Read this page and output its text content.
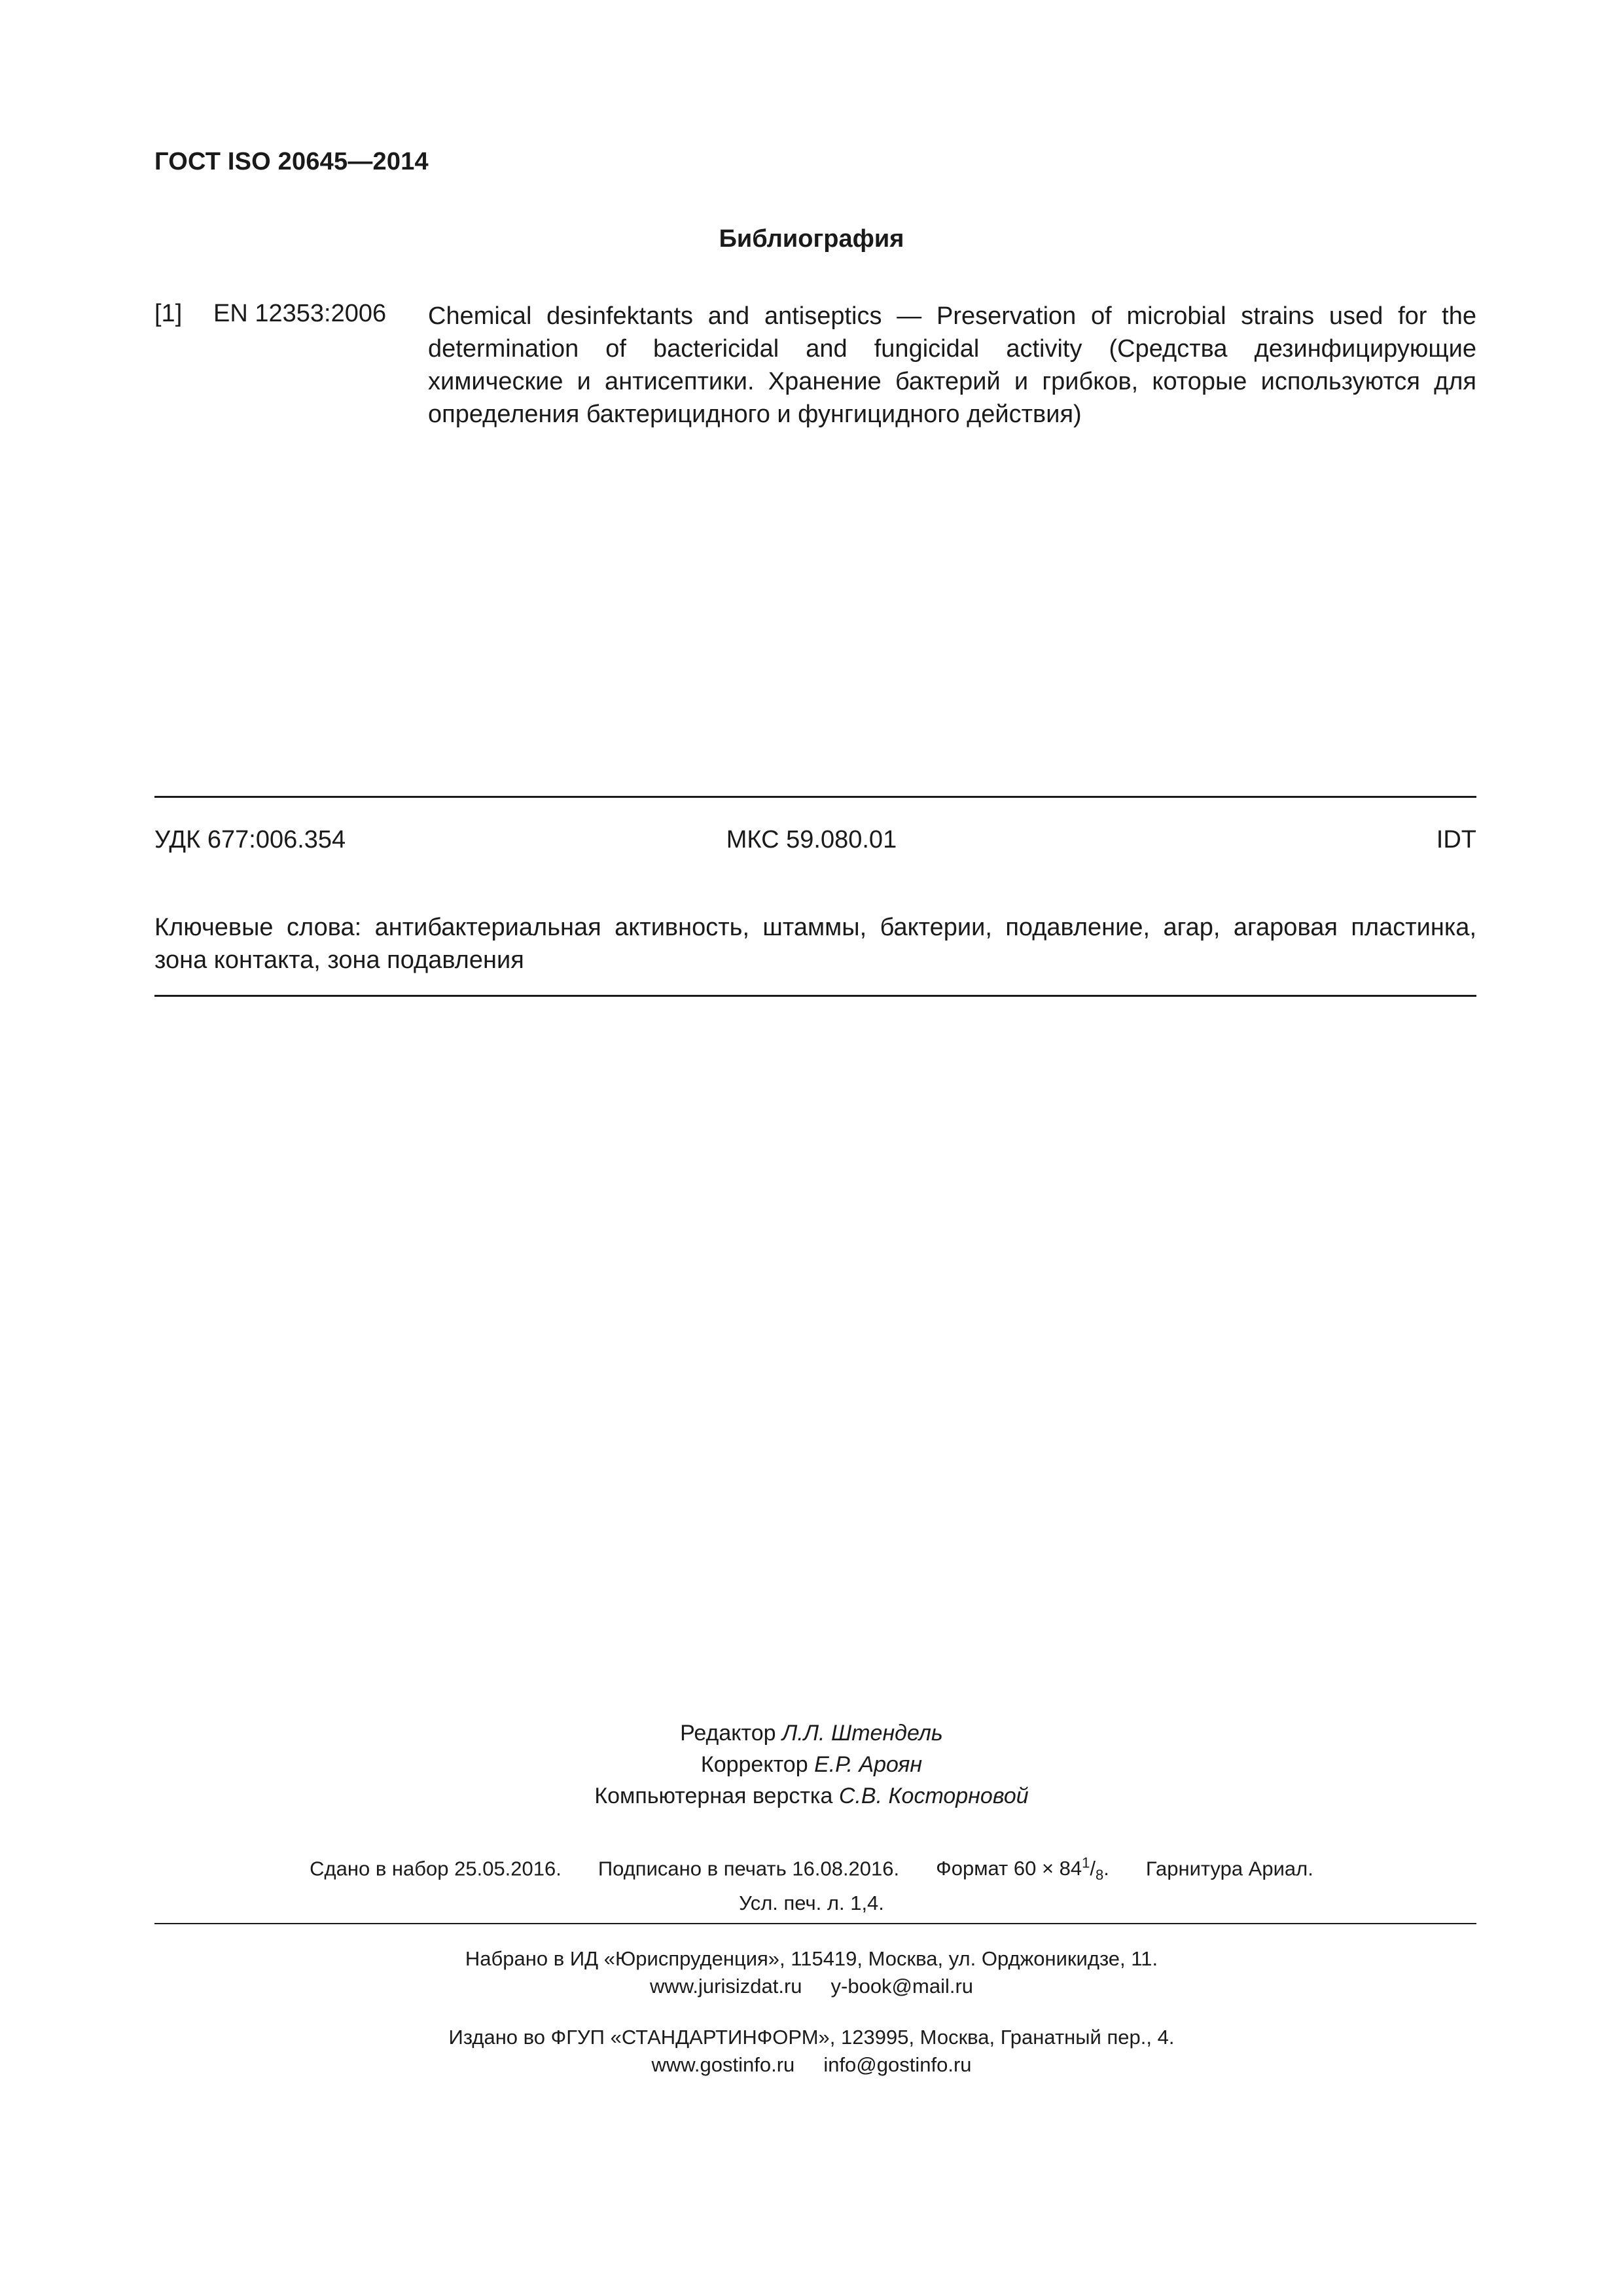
ГОСТ ISO 20645—2014
Библиография
[1] EN 12353:2006 Chemical desinfektants and antiseptics — Preservation of microbial strains used for the determination of bactericidal and fungicidal activity (Средства дезинфицирующие химические и антисептики. Хранение бактерий и грибков, которые используются для определения бактерицидного и фунгицидного действия)
УДК 677:006.354	МКС 59.080.01	IDT
Ключевые слова: антибактериальная активность, штаммы, бактерии, подавление, агар, агаровая пластинка, зона контакта, зона подавления
Редактор Л.Л. Штендель
Корректор Е.Р. Ароян
Компьютерная верстка С.В. Косторновой
Сдано в набор 25.05.2016. Подписано в печать 16.08.2016. Формат $60 \times 84^1/_8$. Гарнитура Ариал.
Усл. печ. л. 1,4.
Набрано в ИД «Юриспруденция», 115419, Москва, ул. Орджоникидзе, 11.
www.jurisizdat.ru y-book@mail.ru
Издано во ФГУП «СТАНДАРТИНФОРМ», 123995, Москва, Гранатный пер., 4.
www.gostinfo.ru info@gostinfo.ru
